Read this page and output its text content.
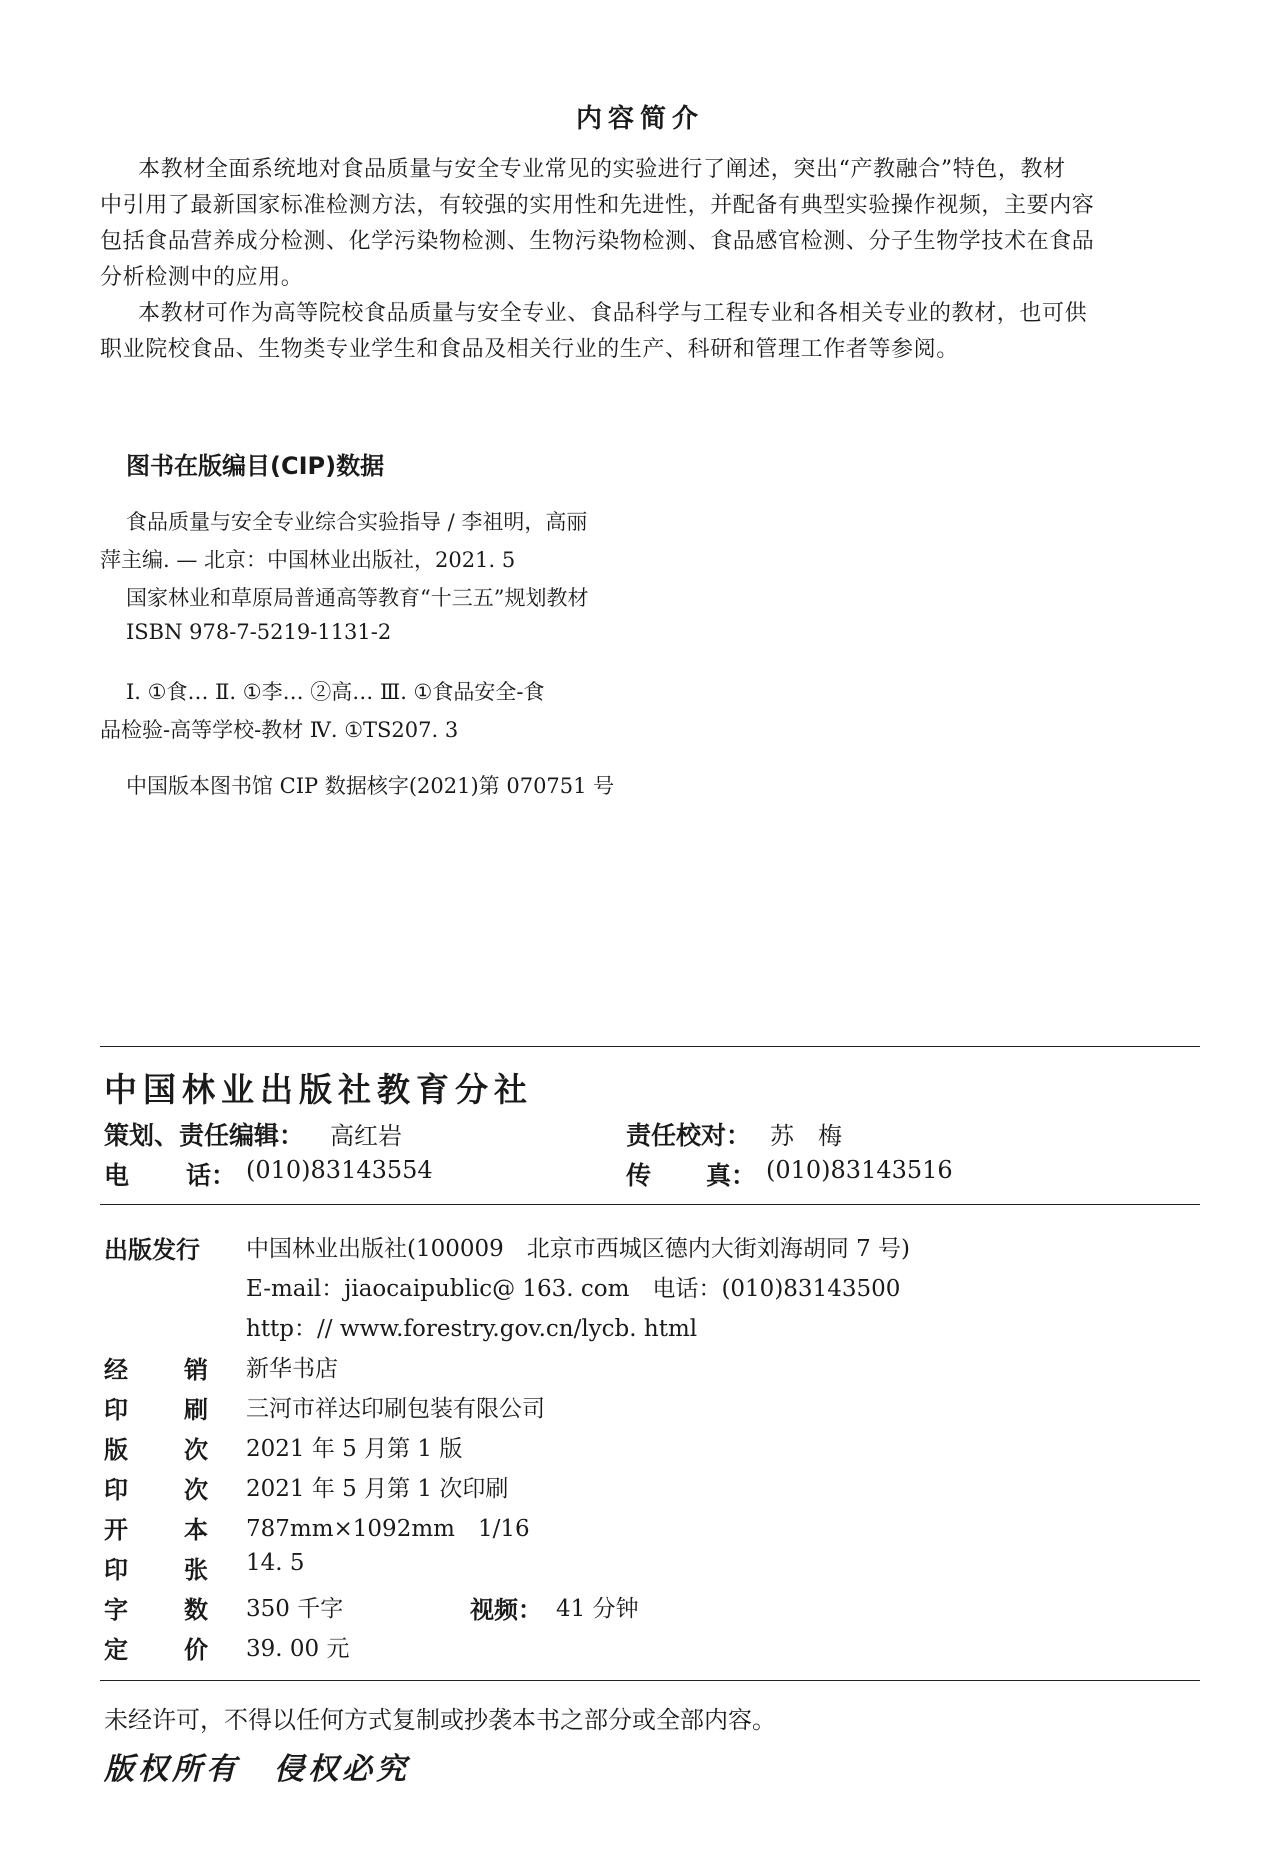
内容简介
本教材全面系统地对食品质量与安全专业常见的实验进行了阐述，突出“产教融合”特色，教材
中引用了最新国家标准检测方法，有较强的实用性和先进性，并配备有典型实验操作视频，主要内容
包括食品营养成分检测、化学污染物检测、生物污染物检测、食品感官检测、分子生物学技术在食品
分析检测中的应用。
本教材可作为高等院校食品质量与安全专业、食品科学与工程专业和各相关专业的教材，也可供
职业院校食品、生物类专业学生和食品及相关行业的生产、科研和管理工作者等参阅。
图书在版编目(CIP)数据
食品质量与安全专业综合实验指导 / 李祖明，高丽
萍主编. — 北京：中国林业出版社，2021. 5
国家林业和草原局普通高等教育“十三五”规划教材
ISBN 978-7-5219-1131-2
Ⅰ. ①食… Ⅱ. ①李… ②高… Ⅲ. ①食品安全-食
品检验-高等学校-教材 Ⅳ. ①TS207. 3
中国版本图书馆 CIP 数据核字(2021)第 070751 号
中国林业出版社教育分社
策划、责任编辑： 高红岩	责任校对： 苏　梅
电 话： (010)83143554	传 真： (010)83143516
出版发行 中国林业出版社(100009　北京市西城区德内大街刘海胡同 7 号)
E-mail：jiaocaipublic@ 163. com　电话：(010)83143500
http：// www.forestry.gov.cn/lycb. html
经 销	新华书店
印 刷	三河市祥达印刷包装有限公司
版 次	2021 年 5 月第 1 版
印 次	2021 年 5 月第 1 次印刷
开 本	787mm×1092mm　1/16
印 张	14. 5
字 数	350 千字	视频： 41 分钟
定 价	39. 00 元
未经许可，不得以任何方式复制或抄袭本书之部分或全部内容。
版权所有　侵权必究
